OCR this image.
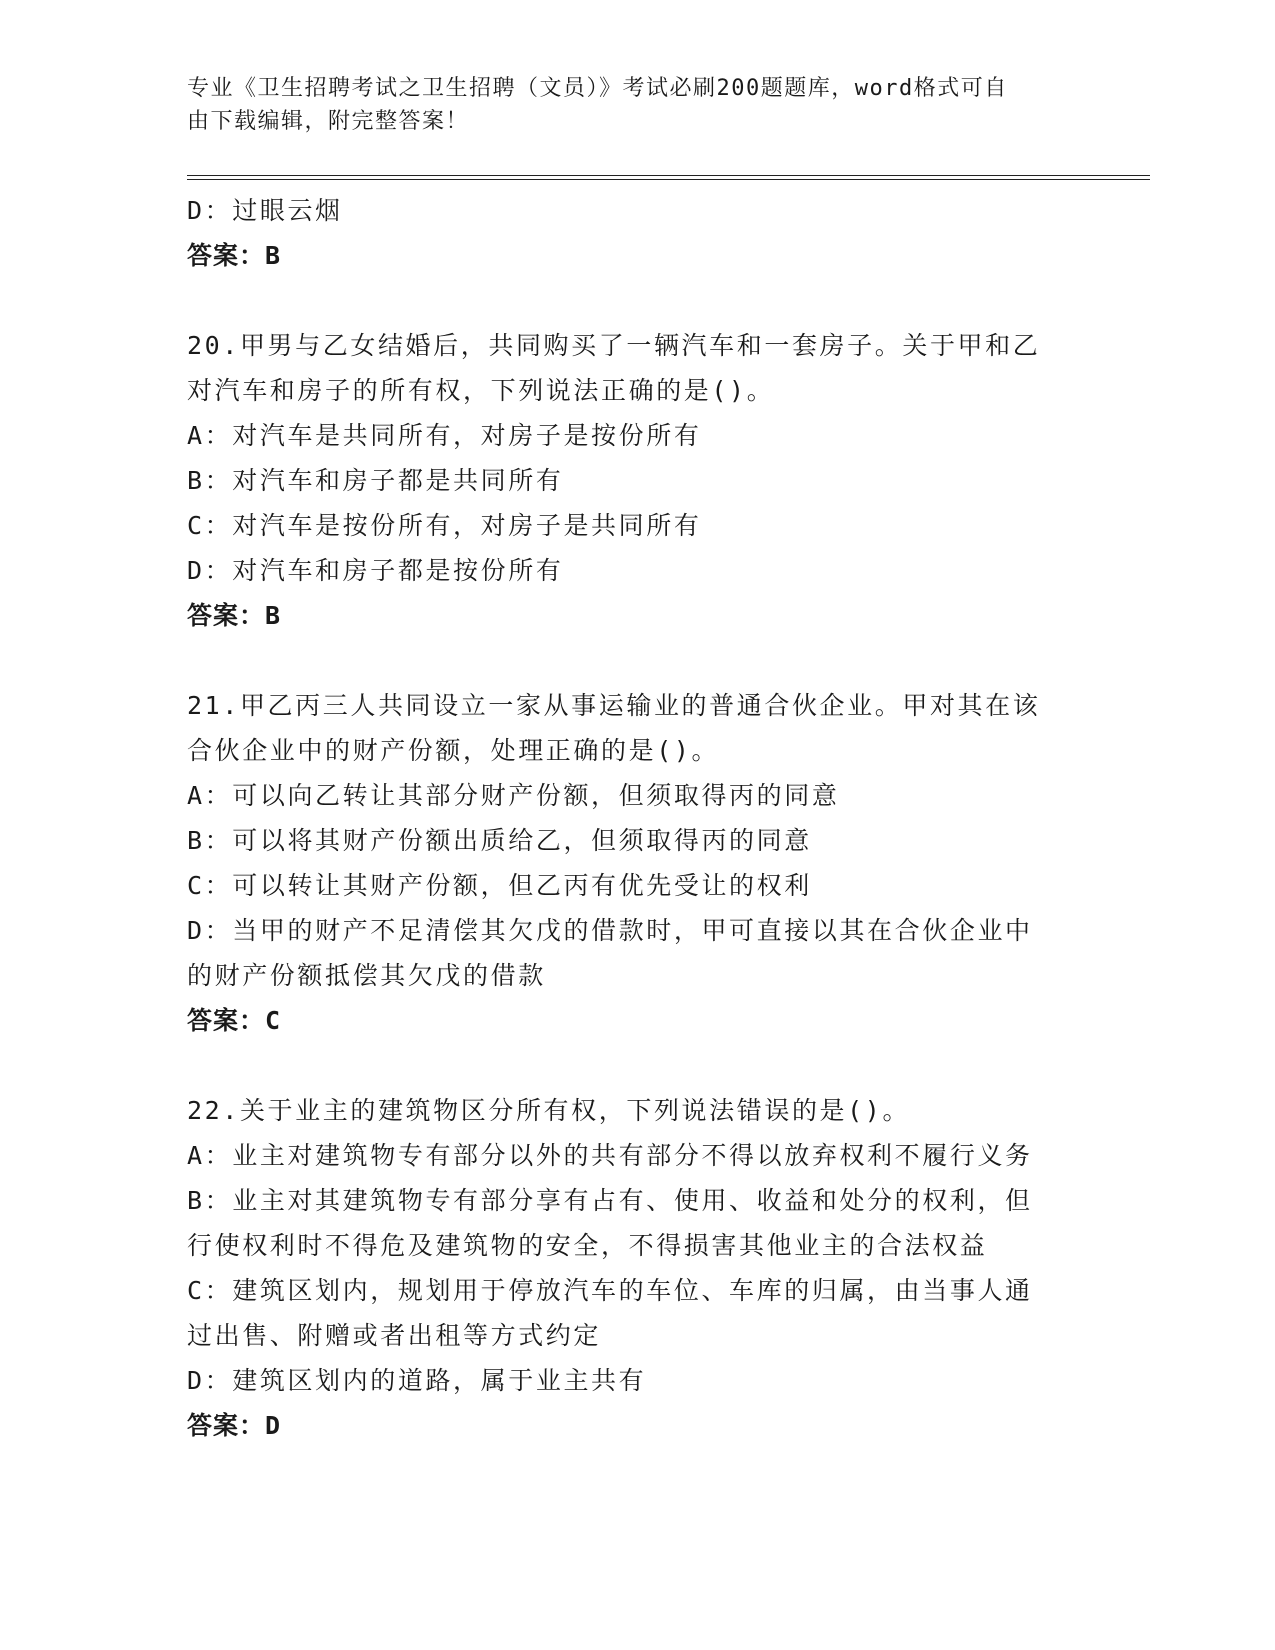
专业《卫生招聘考试之卫生招聘（文员）》考试必刷200题题库，word格式可自
由下载编辑，附完整答案！
D：过眼云烟
答案：B
20.甲男与乙女结婚后，共同购买了一辆汽车和一套房子。关于甲和乙
对汽车和房子的所有权，下列说法正确的是()。
A：对汽车是共同所有，对房子是按份所有
B：对汽车和房子都是共同所有
C：对汽车是按份所有，对房子是共同所有
D：对汽车和房子都是按份所有
答案：B
21.甲乙丙三人共同设立一家从事运输业的普通合伙企业。甲对其在该
合伙企业中的财产份额，处理正确的是()。
A：可以向乙转让其部分财产份额，但须取得丙的同意
B：可以将其财产份额出质给乙，但须取得丙的同意
C：可以转让其财产份额，但乙丙有优先受让的权利
D：当甲的财产不足清偿其欠戊的借款时，甲可直接以其在合伙企业中
的财产份额抵偿其欠戊的借款
答案：C
22.关于业主的建筑物区分所有权，下列说法错误的是()。
A：业主对建筑物专有部分以外的共有部分不得以放弃权利不履行义务
B：业主对其建筑物专有部分享有占有、使用、收益和处分的权利，但
行使权利时不得危及建筑物的安全，不得损害其他业主的合法权益
C：建筑区划内，规划用于停放汽车的车位、车库的归属，由当事人通
过出售、附赠或者出租等方式约定
D：建筑区划内的道路，属于业主共有
答案：D
